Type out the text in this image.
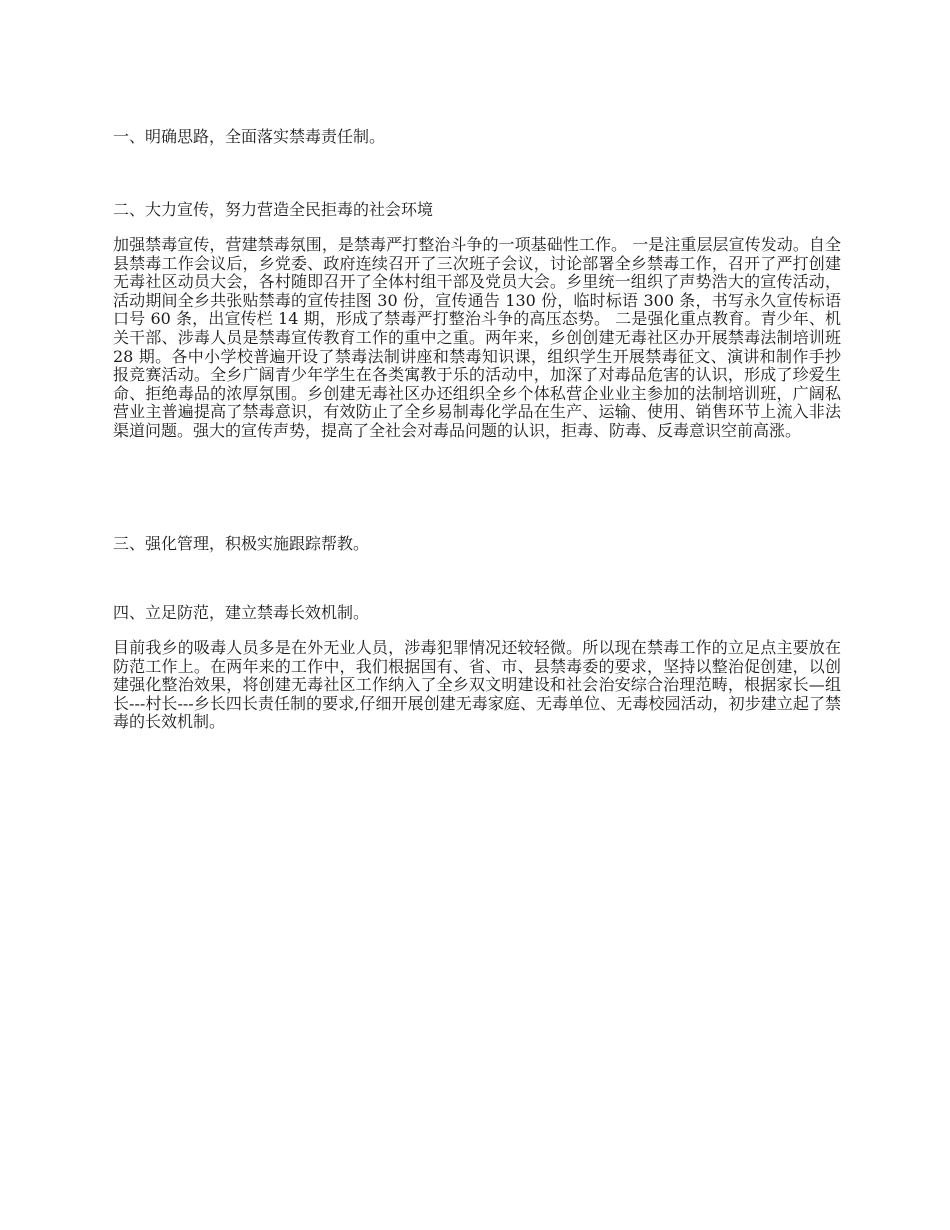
一、明确思路，全面落实禁毒责任制。
二、大力宣传，努力营造全民拒毒的社会环境
加强禁毒宣传，营建禁毒氛围，是禁毒严打整治斗争的一项基础性工作。 一是注重层层宣传发动。自全县禁毒工作会议后，乡党委、政府连续召开了三次班子会议，讨论部署全乡禁毒工作，召开了严打创建无毒社区动员大会，各村随即召开了全体村组干部及党员大会。乡里统一组织了声势浩大的宣传活动，活动期间全乡共张贴禁毒的宣传挂图 30 份，宣传通告 130 份，临时标语 300 条，书写永久宣传标语口号 60 条，出宣传栏 14 期，形成了禁毒严打整治斗争的高压态势。 二是强化重点教育。青少年、机关干部、涉毒人员是禁毒宣传教育工作的重中之重。两年来，乡创创建无毒社区办开展禁毒法制培训班 28 期。各中小学校普遍开设了禁毒法制讲座和禁毒知识课，组织学生开展禁毒征文、演讲和制作手抄报竞赛活动。全乡广阔青少年学生在各类寓教于乐的活动中，加深了对毒品危害的认识，形成了珍爱生命、拒绝毒品的浓厚氛围。乡创建无毒社区办还组织全乡个体私营企业业主参加的法制培训班，广阔私营业主普遍提高了禁毒意识，有效防止了全乡易制毒化学品在生产、运输、使用、销售环节上流入非法渠道问题。强大的宣传声势，提高了全社会对毒品问题的认识，拒毒、防毒、反毒意识空前高涨。
三、强化管理，积极实施跟踪帮教。
四、立足防范，建立禁毒长效机制。
目前我乡的吸毒人员多是在外无业人员，涉毒犯罪情况还较轻微。所以现在禁毒工作的立足点主要放在防范工作上。在两年来的工作中，我们根据国有、省、市、县禁毒委的要求，坚持以整治促创建，以创建强化整治效果，将创建无毒社区工作纳入了全乡双文明建设和社会治安综合治理范畴，根据家长—组长---村长---乡长四长责任制的要求,仔细开展创建无毒家庭、无毒单位、无毒校园活动，初步建立起了禁毒的长效机制。
